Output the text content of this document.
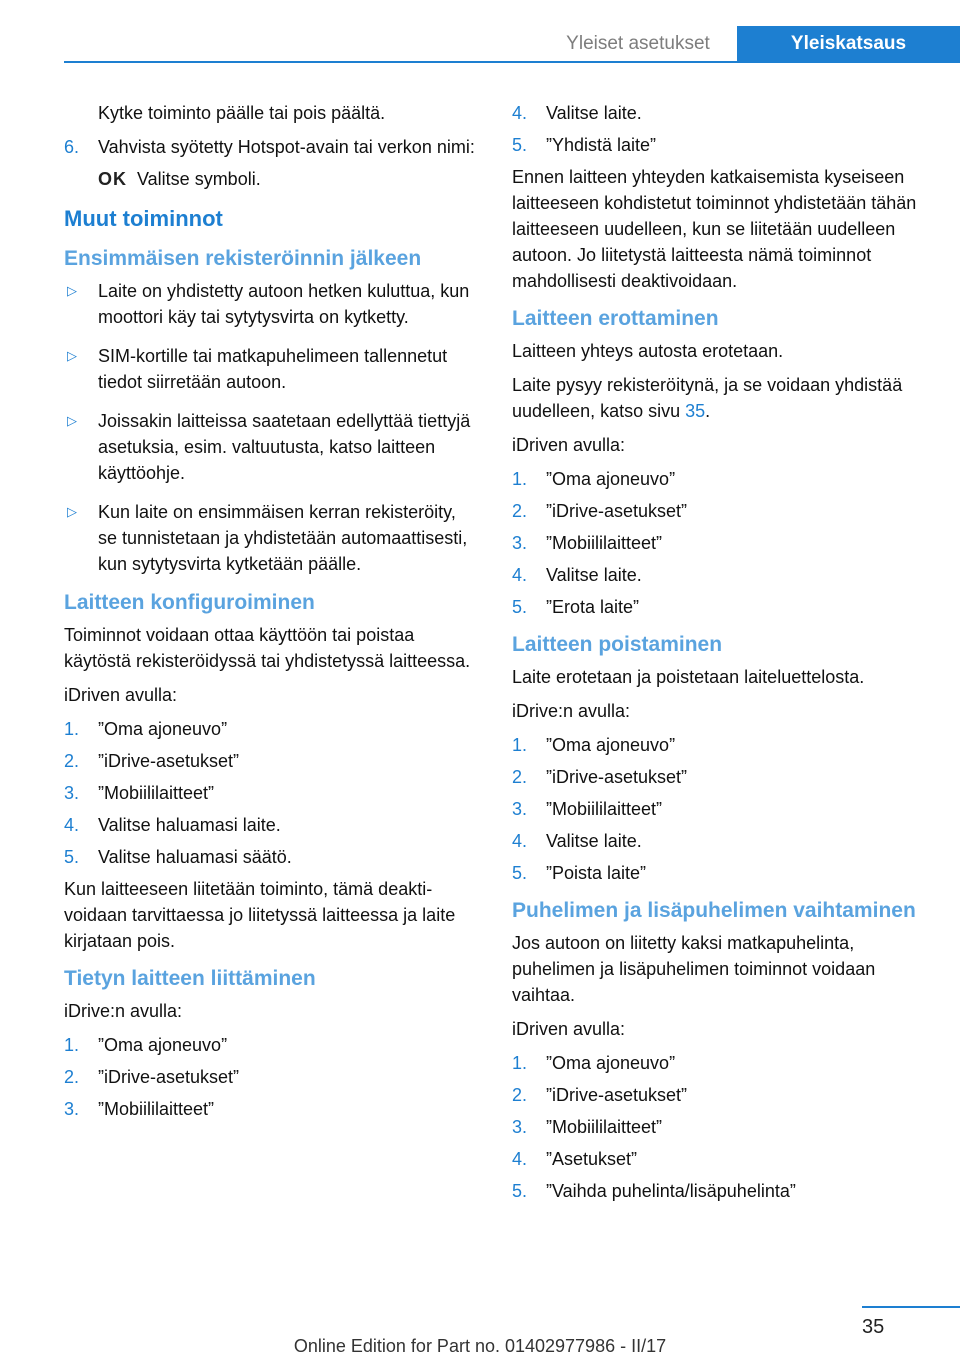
Yleiset asetukset	Yleiskatsaus

Kytke toiminto päälle tai pois päältä.

6. Vahvista syötetty Hotspot-avain tai verkon nimi:
OK Valitse symboli.
Muut toiminnot
Ensimmäisen rekisteröinnin jälkeen
▷ Laite on yhdistetty autoon hetken kuluttua, kun moottori käy tai sytytysvirta on kytketty.
▷ SIM-kortille tai matkapuhelimeen tallennetut tiedot siirretään autoon.
▷ Joissakin laitteissa saatetaan edellyttää tiettyjä asetuksia, esim. valtuutusta, katso laitteen käyttöohje.
▷ Kun laite on ensimmäisen kerran rekisteröity, se tunnistetaan ja yhdistetään automaattisesti, kun sytytysvirta kytketään päälle.
Laitteen konfiguroiminen

Toiminnot voidaan ottaa käyttöön tai poistaa käytöstä rekisteröidyssä tai yhdistetyssä laitteessa.

iDriven avulla:

1. ”Oma ajoneuvo”
2. ”iDrive-asetukset”
3. ”Mobiililaitteet”
4. Valitse haluamasi laite.
5. Valitse haluamasi säätö.

Kun laitteeseen liitetään toiminto, tämä deaktivoidaan tarvittaessa jo liitetyssä laitteessa ja laite kirjataan pois.

Tietyn laitteen liittäminen

iDrive:n avulla:

1. ”Oma ajoneuvo”
2. ”iDrive-asetukset”
3. ”Mobiililaitteet”
4. Valitse laite.
5. ”Yhdistä laite”

Ennen laitteen yhteyden katkaisemista kyseiseen laitteeseen kohdistetut toiminnot yhdistetään tähän laitteeseen uudelleen, kun se liitetään uudelleen autoon. Jo liitetystä laitteesta nämä toiminnot mahdollisesti deaktivoidaan.

Laitteen erottaminen

Laitteen yhteys autosta erotetaan.

Laite pysyy rekisteröitynä, ja se voidaan yhdistää uudelleen, katso sivu 35.

iDriven avulla:

1. ”Oma ajoneuvo”
2. ”iDrive-asetukset”
3. ”Mobiililaitteet”
4. Valitse laite.
5. ”Erota laite”
Laitteen poistaminen

Laite erotetaan ja poistetaan laiteluettelosta.

iDrive:n avulla:

1. ”Oma ajoneuvo”
2. ”iDrive-asetukset”
3. ”Mobiililaitteet”
4. Valitse laite.
5. ”Poista laite”
Puhelimen ja lisäpuhelimen vaihtaminen

Jos autoon on liitetty kaksi matkapuhelinta, puhelimen ja lisäpuhelimen toiminnot voidaan vaihtaa.

iDriven avulla:

1. ”Oma ajoneuvo”
2. ”iDrive-asetukset”
3. ”Mobiililaitteet”
4. ”Asetukset”
5. ”Vaihda puhelinta/lisäpuhelinta”
35
Online Edition for Part no. 01402977986 - II/17
